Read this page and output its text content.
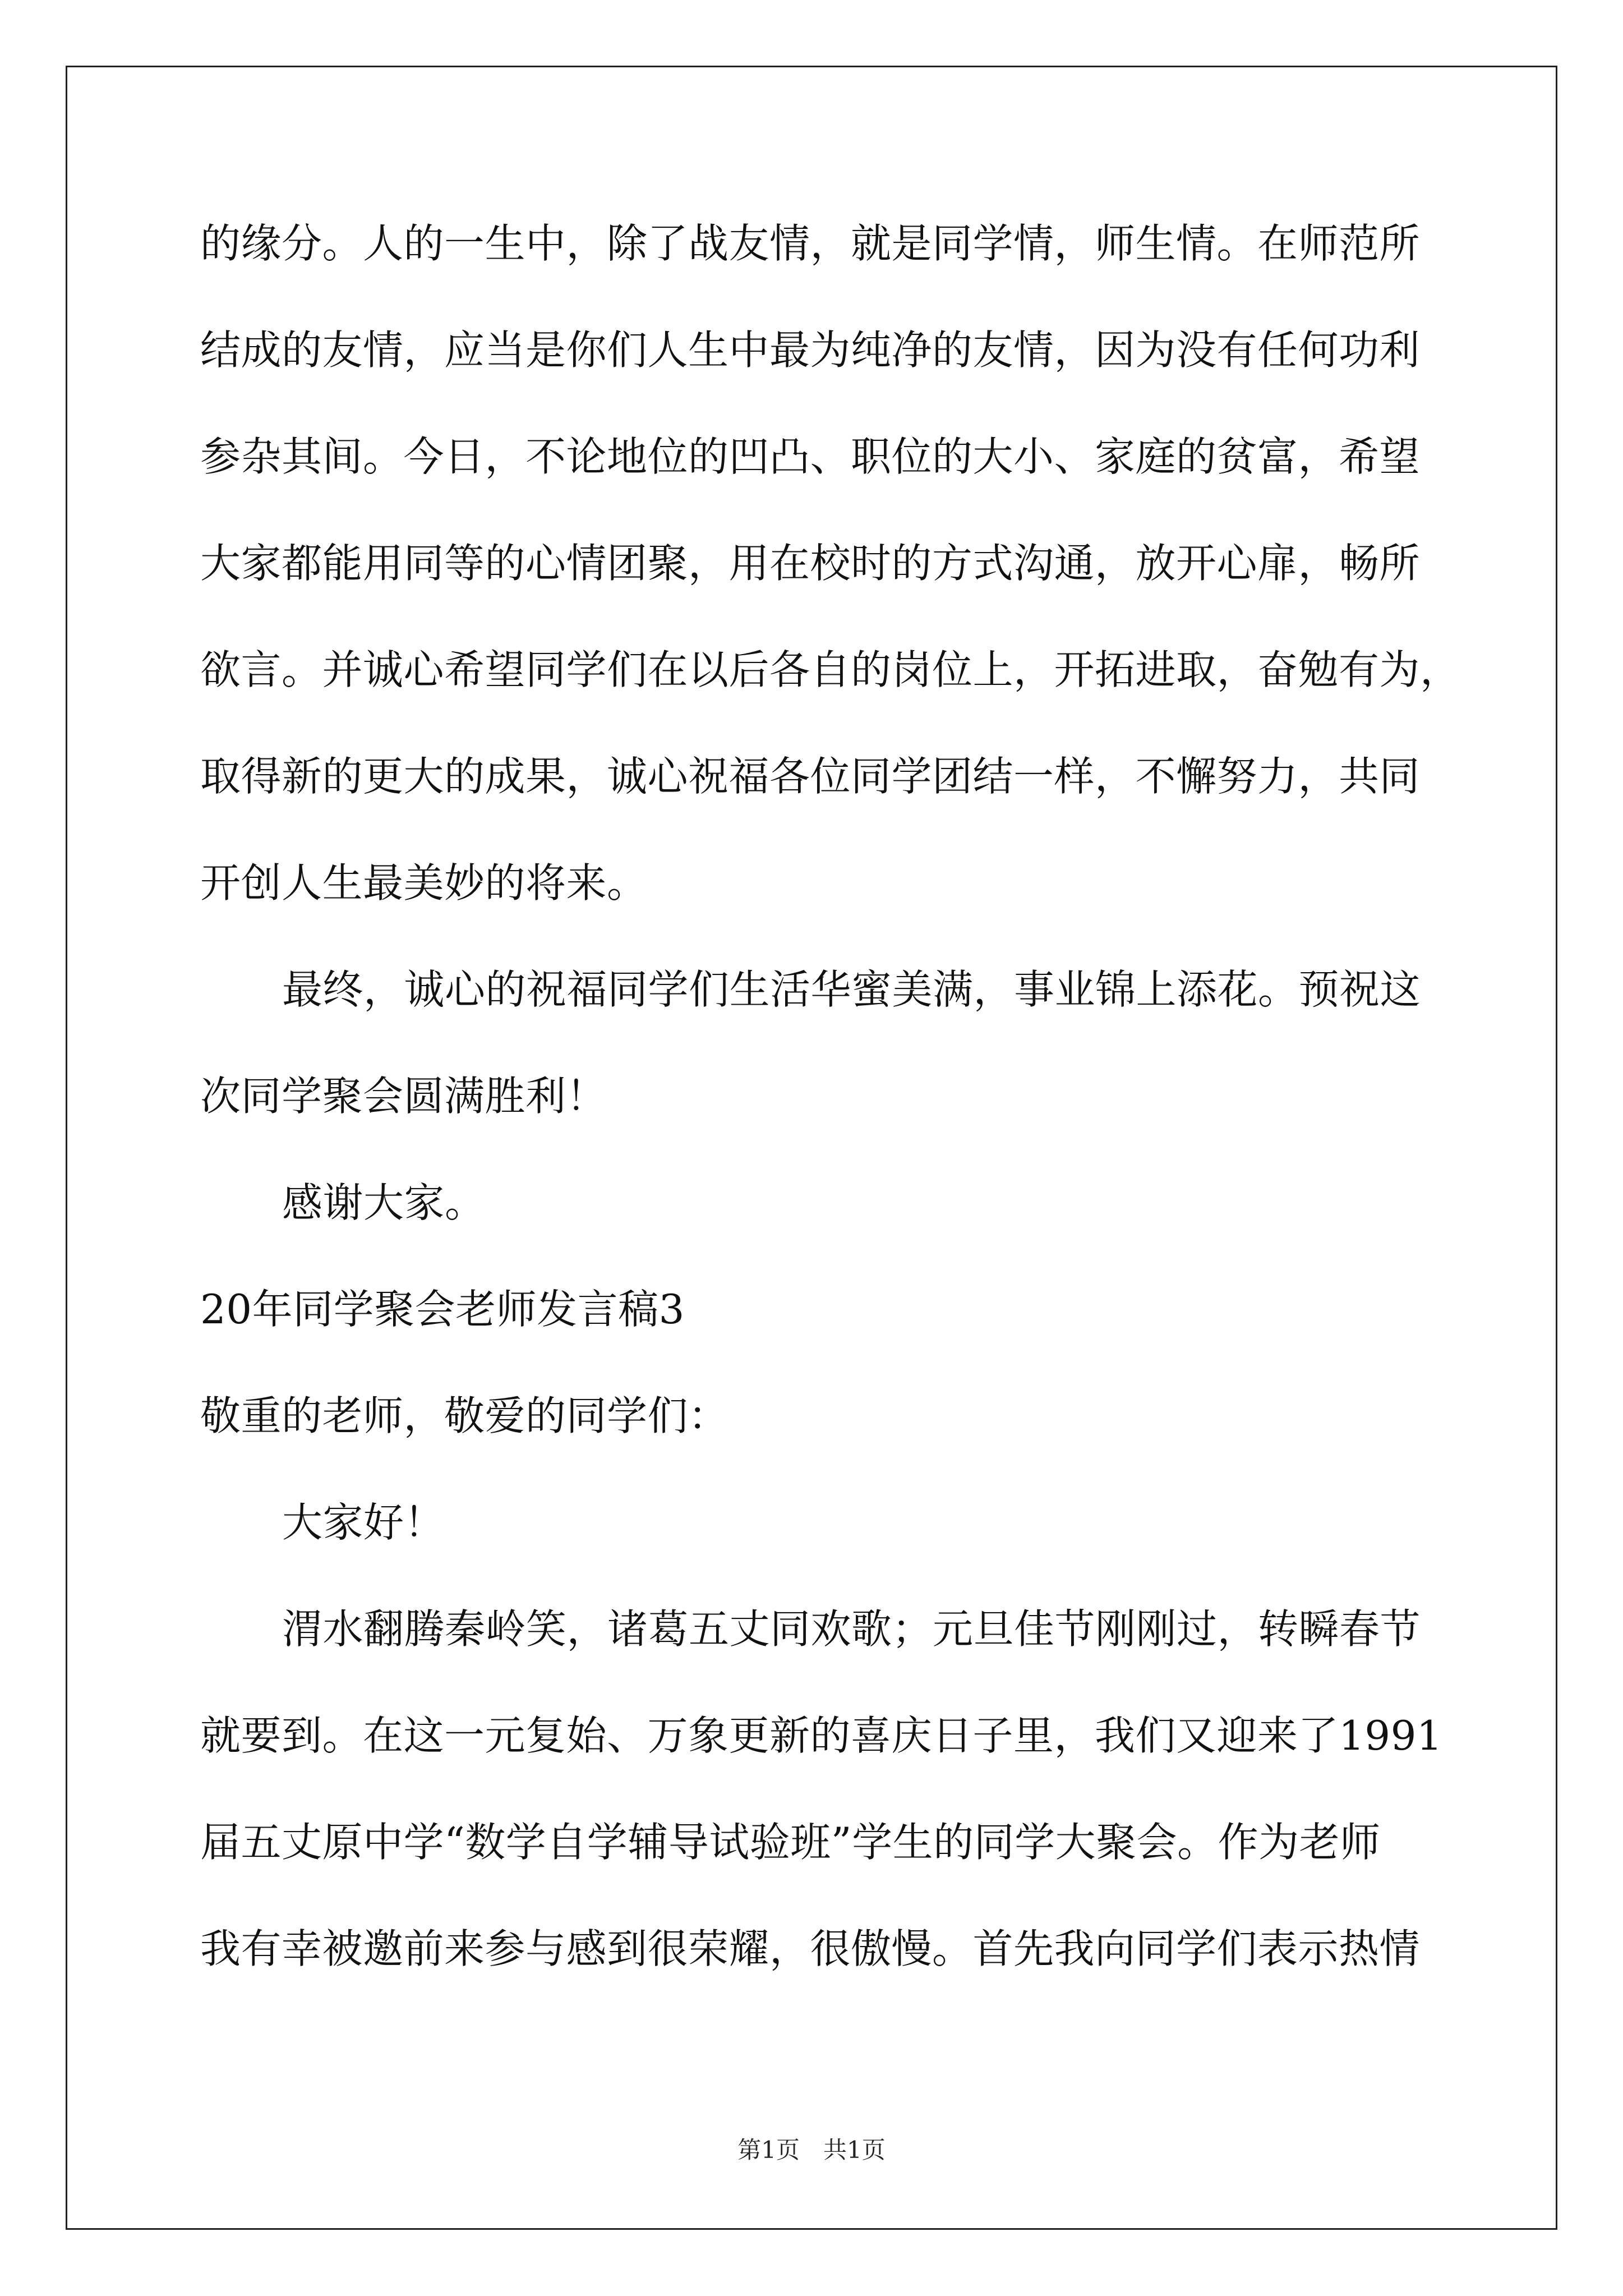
的缘分。人的一生中，除了战友情，就是同学情，师生情。在师范所
结成的友情，应当是你们人生中最为纯净的友情，因为没有任何功利
参杂其间。今日，不论地位的凹凸、职位的大小、家庭的贫富，希望
大家都能用同等的心情团聚，用在校时的方式沟通，放开心扉，畅所
欲言。并诚心希望同学们在以后各自的岗位上，开拓进取，奋勉有为，
取得新的更大的成果，诚心祝福各位同学团结一样，不懈努力，共同
开创人生最美妙的将来。
最终，诚心的祝福同学们生活华蜜美满，事业锦上添花。预祝这
次同学聚会圆满胜利！
感谢大家。
20年同学聚会老师发言稿3
敬重的老师，敬爱的同学们：
大家好！
渭水翻腾秦岭笑，诸葛五丈同欢歌；元旦佳节刚刚过，转瞬春节
就要到。在这一元复始、万象更新的喜庆日子里，我们又迎来了1991
届五丈原中学“数学自学辅导试验班”学生的同学大聚会。作为老师
我有幸被邀前来参与感到很荣耀，很傲慢。首先我向同学们表示热情
第1页　共1页
